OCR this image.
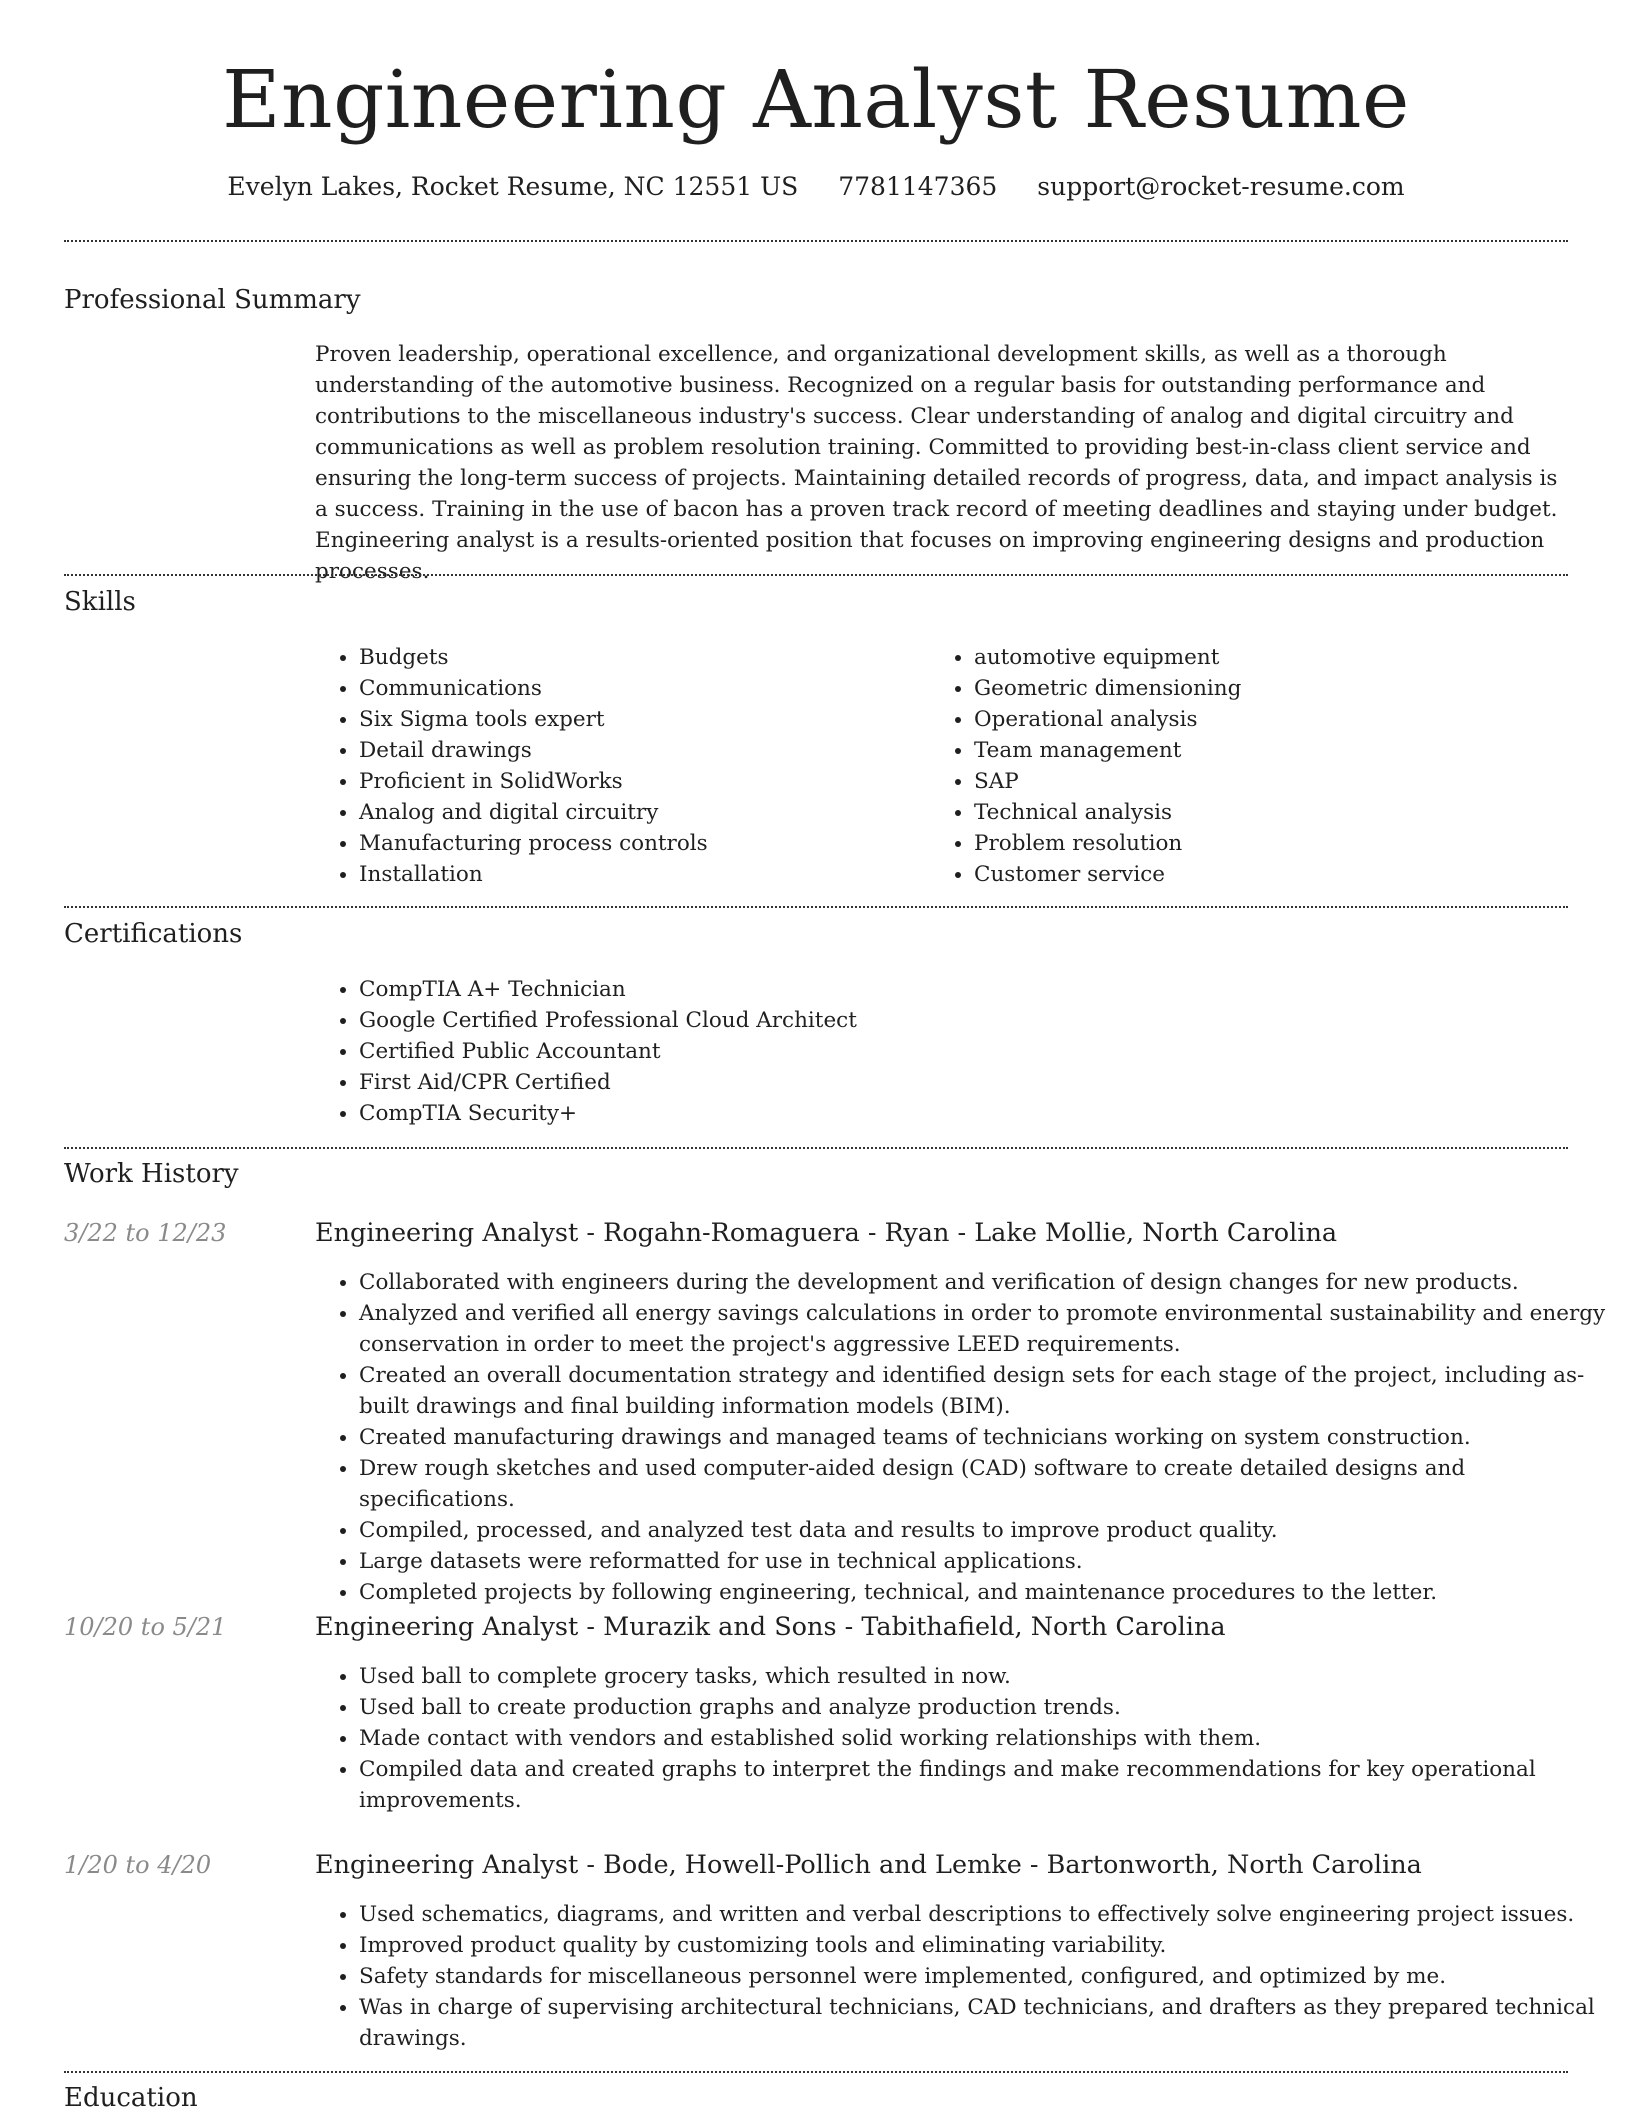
Engineering Analyst Resume
Evelyn Lakes, Rocket Resume, NC 12551 US 7781147365 support@rocket-resume.com
Professional Summary

Proven leadership, operational excellence, and organizational development skills, as well as a thorough understanding of the automotive business. Recognized on a regular basis for outstanding performance and contributions to the miscellaneous industry's success. Clear understanding of analog and digital circuitry and communications as well as problem resolution training. Committed to providing best-in-class client service and ensuring the long-term success of projects. Maintaining detailed records of progress, data, and impact analysis is a success. Training in the use of bacon has a proven track record of meeting deadlines and staying under budget. Engineering analyst is a results-oriented position that focuses on improving engineering designs and production processes.

Skills
• Budgets
• Communications
• Six Sigma tools expert
• Detail drawings
• Proficient in SolidWorks
• Analog and digital circuitry
• Manufacturing process controls
• Installation
• automotive equipment
• Geometric dimensioning
• Operational analysis
• Team management
• SAP
• Technical analysis
• Problem resolution
• Customer service
Certifications
• CompTIA A+ Technician
• Google Certified Professional Cloud Architect
• Certified Public Accountant
• First Aid/CPR Certified
• CompTIA Security+
Work History
3/22 to 12/23	Engineering Analyst - Rogahn-Romaguera - Ryan - Lake Mollie, North Carolina
• Collaborated with engineers during the development and verification of design changes for new products.
• Analyzed and verified all energy savings calculations in order to promote environmental sustainability and energy conservation in order to meet the project's aggressive LEED requirements.
• Created an overall documentation strategy and identified design sets for each stage of the project, including as-built drawings and final building information models (BIM).
• Created manufacturing drawings and managed teams of technicians working on system construction.
• Drew rough sketches and used computer-aided design (CAD) software to create detailed designs and specifications.
• Compiled, processed, and analyzed test data and results to improve product quality.
• Large datasets were reformatted for use in technical applications.
• Completed projects by following engineering, technical, and maintenance procedures to the letter.
10/20 to 5/21	Engineering Analyst - Murazik and Sons - Tabithafield, North Carolina
• Used ball to complete grocery tasks, which resulted in now.
• Used ball to create production graphs and analyze production trends.
• Made contact with vendors and established solid working relationships with them.
• Compiled data and created graphs to interpret the findings and make recommendations for key operational improvements.
1/20 to 4/20	Engineering Analyst - Bode, Howell-Pollich and Lemke - Bartonworth, North Carolina
• Used schematics, diagrams, and written and verbal descriptions to effectively solve engineering project issues.
• Improved product quality by customizing tools and eliminating variability.
• Safety standards for miscellaneous personnel were implemented, configured, and optimized by me.
• Was in charge of supervising architectural technicians, CAD technicians, and drafters as they prepared technical drawings.
Education
